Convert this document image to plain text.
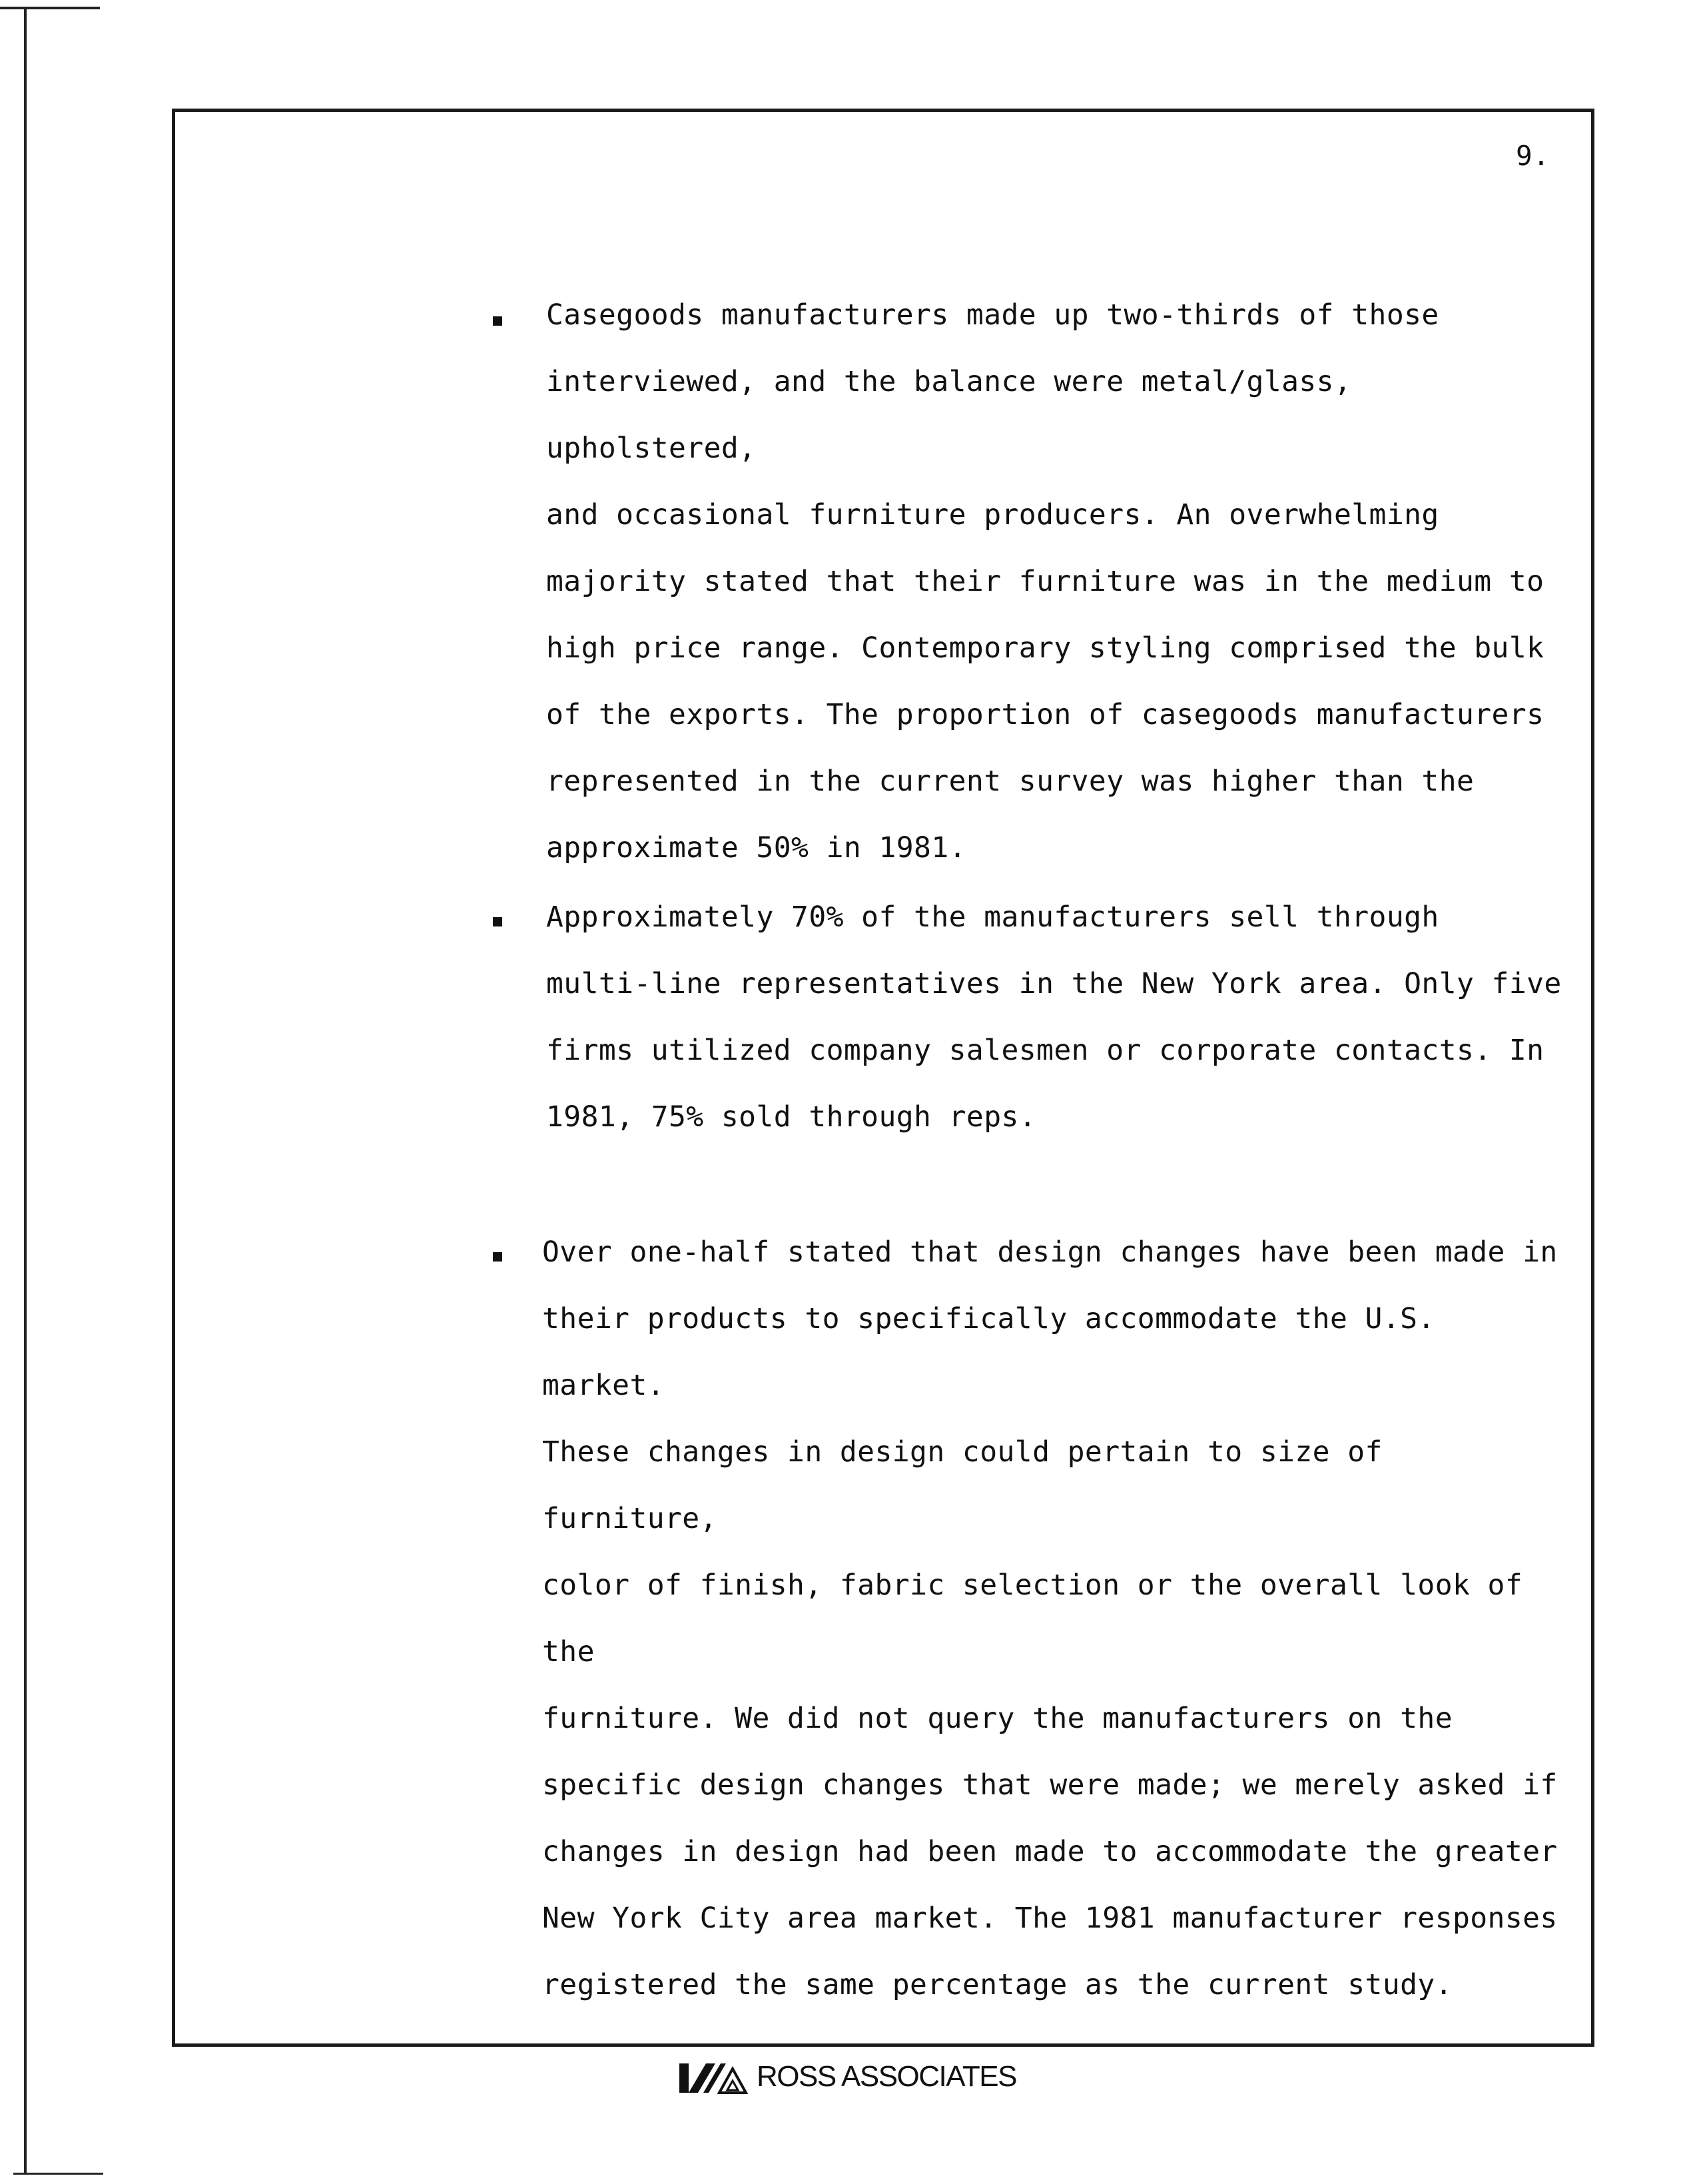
9.
Casegoods manufacturers made up two-thirds of those
interviewed, and the balance were metal/glass, upholstered,
and occasional furniture producers. An overwhelming
majority stated that their furniture was in the medium to
high price range. Contemporary styling comprised the bulk
of the exports. The proportion of casegoods manufacturers
represented in the current survey was higher than the
approximate 50% in 1981.
Approximately 70% of the manufacturers sell through
multi-line representatives in the New York area. Only five
firms utilized company salesmen or corporate contacts. In
1981, 75% sold through reps.
Over one-half stated that design changes have been made in
their products to specifically accommodate the U.S. market.
These changes in design could pertain to size of furniture,
color of finish, fabric selection or the overall look of the
furniture. We did not query the manufacturers on the
specific design changes that were made; we merely asked if
changes in design had been made to accommodate the greater
New York City area market. The 1981 manufacturer responses
registered the same percentage as the current study.
ROSS ASSOCIATES
